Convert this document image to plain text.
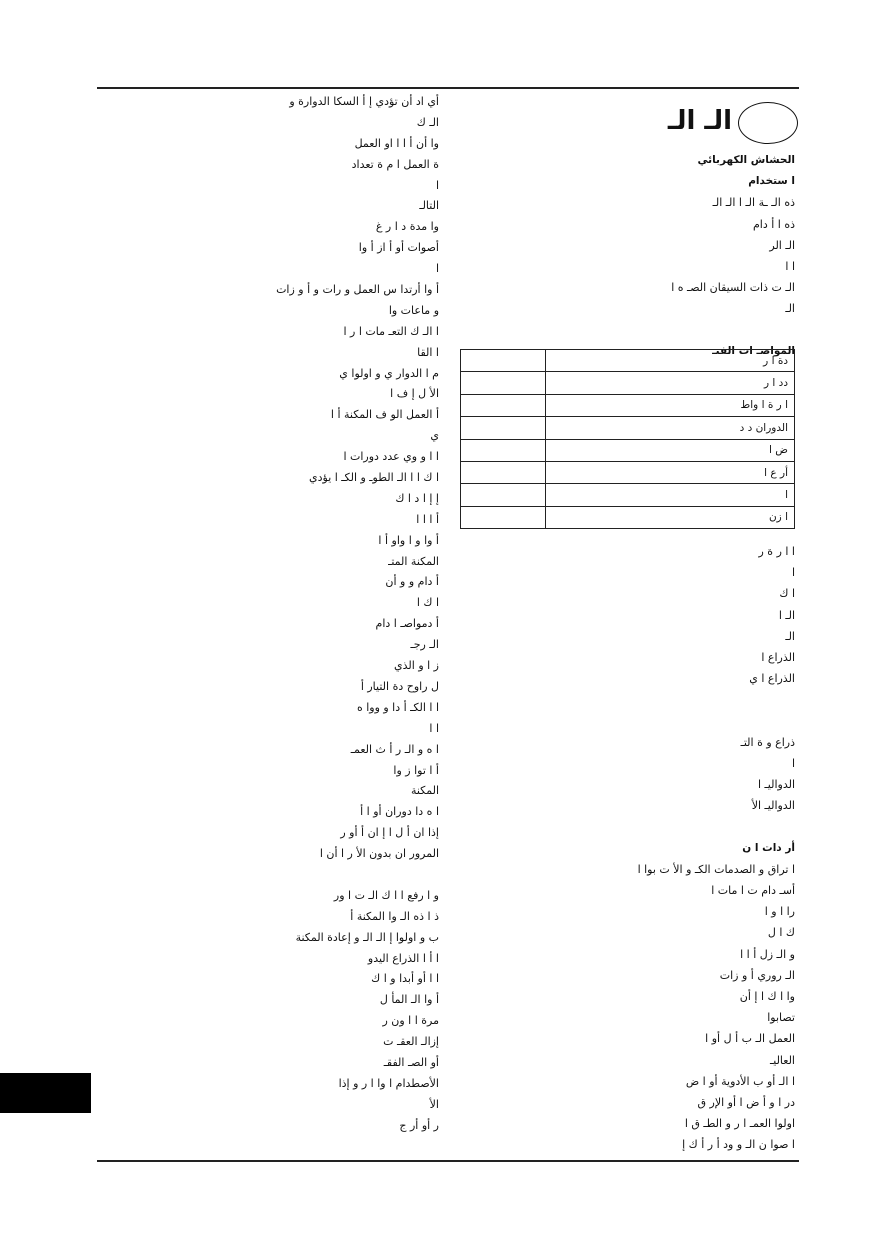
الـ الـ
الحشاش الكهربائي
ا ستخدام
ذه الـ ـة الـ ا الـ الـ
ذه ا أ دام
الـ الر
ا ا
الـ ت ذات السيقان الصـ ه ا
الـ
المواصـ ات الفنـ
دة ا ر	
دد ا ر	
ا ر ة ا واط	
الدوران د د	
ض ا	
أر ع ا	
ا	
ا زن	
ا ا ر ة ر
ا
ا ك
الـ ا
الـ
الذراع ا
الذراع ا ي
ذراع و ة التـ
ا
الدواليـ ا
الدواليـ الأ
أر دات ا ن
ا تراق و الصدمات الكـ و الأ ت بوا ا
أسـ دام ت ا مات ا
را ا و ا
ك ا ل
و الـ زل أ ا ا
الـ روري أ و زات
وا ا ك ا إ أن
تصابوا
العمل الـ ب أ ل أو ا
العاليـ
ا الـ أو ب الأدوية أو ا ض
در ا و أ ض ا أو الإر ق
اولوا العمـ ا ر و الطـ ق ا
ا صوا ن الـ و ود أ ر أ ك إ
أي اد أن تؤدي إ أ السكا الدوارة و
الـ ك
وا أن أ ا ا او العمل
ة العمل ا م ة تعداد
ا
التالـ
وا مدة د ا ر غ
أصوات أو أ از أ وا
ا
أ وا أرتدا س العمل و رات و أ و زات
و ماعات وا
ا الـ ك التعـ مات ا ر ا
ا القا
م ا الدوار ي و اولوا ي
الأ ل إ ف ا
أ العمل الو ف المكنة أ ا
ي
ا ا و وي عدد دورات ا
ا ك ا ا الـ الطوـ و الكـ ا يؤدي
إ إ ا د ا ك
أ ا ا ا
أ وا و ا واو أ ا
المكنة المتـ
أ دام و و أن
ا ك ا
أ دمواصـ ا دام
الـ رجـ
ز ا و الذي
ل راوح دة التيار أ
ا ا الكـ أ دا و ووا ه
ا ا
ا ه و الـ ر أ ث العمـ
أ ا توا ز وا
المكنة
ا ه دا دوران أو ا أ
إذا ان أ ل ا إ ان أ أو ر
المرور ان بدون الأ ر ا أن ا
و ا رفع ا ا ك الـ ت ا ور
ذ ا ذه الـ وا المكنة أ
ب و اولوا إ الـ الـ و إعادة المكنة
ا أ ا الذراع اليدو
ا ا أو أبدا و ا ك
أ وا الـ المأ ل
مرة ا ا ون ر
إزالـ العقـ ت
أو الصـ الفقـ
الأصطدام ا وا ا ر و إذا
الأ
ر أو أر ج
